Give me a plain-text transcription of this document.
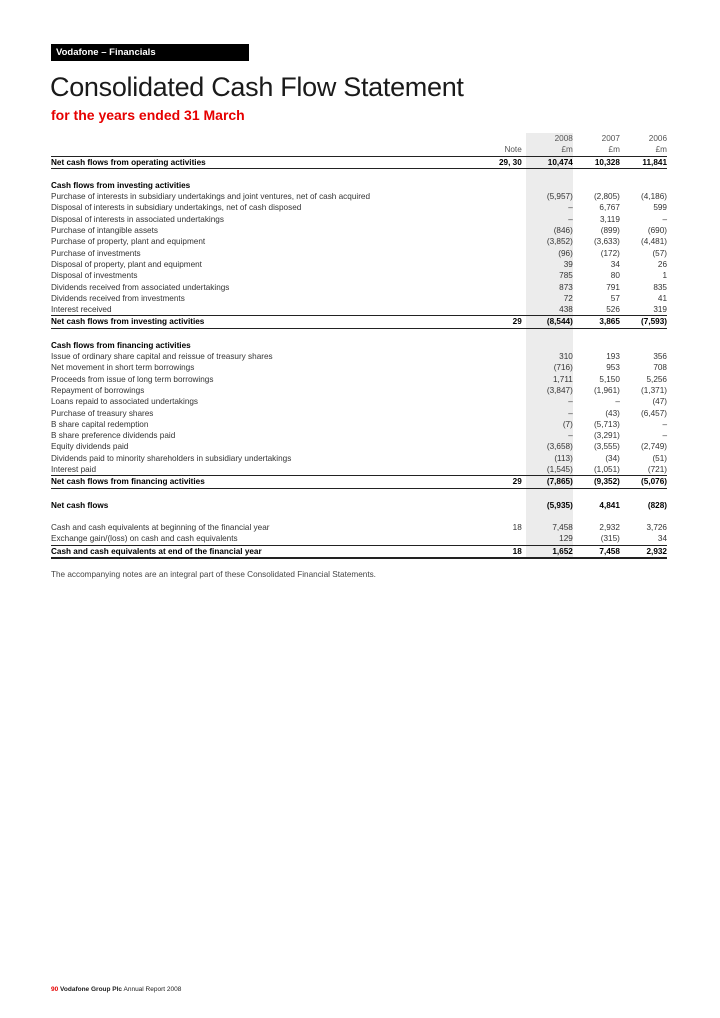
Vodafone – Financials
Consolidated Cash Flow Statement
for the years ended 31 March
		2008	2007	2006
	Note	£m	£m	£m
Net cash flows from operating activities	29, 30	10,474	10,328	11,841

Cash flows from investing activities				
Purchase of interests in subsidiary undertakings and joint ventures, net of cash acquired		(5,957)	(2,805)	(4,186)
Disposal of interests in subsidiary undertakings, net of cash disposed		–	6,767	599
Disposal of interests in associated undertakings		–	3,119	–
Purchase of intangible assets		(846)	(899)	(690)
Purchase of property, plant and equipment		(3,852)	(3,633)	(4,481)
Purchase of investments		(96)	(172)	(57)
Disposal of property, plant and equipment		39	34	26
Disposal of investments		785	80	1
Dividends received from associated undertakings		873	791	835
Dividends received from investments		72	57	41
Interest received		438	526	319
Net cash flows from investing activities	29	(8,544)	3,865	(7,593)

Cash flows from financing activities				
Issue of ordinary share capital and reissue of treasury shares		310	193	356
Net movement in short term borrowings		(716)	953	708
Proceeds from issue of long term borrowings		1,711	5,150	5,256
Repayment of borrowings		(3,847)	(1,961)	(1,371)
Loans repaid to associated undertakings		–	–	(47)
Purchase of treasury shares		–	(43)	(6,457)
B share capital redemption		(7)	(5,713)	–
B share preference dividends paid		–	(3,291)	–
Equity dividends paid		(3,658)	(3,555)	(2,749)
Dividends paid to minority shareholders in subsidiary undertakings		(113)	(34)	(51)
Interest paid		(1,545)	(1,051)	(721)
Net cash flows from financing activities	29	(7,865)	(9,352)	(5,076)

Net cash flows		(5,935)	4,841	(828)

Cash and cash equivalents at beginning of the financial year	18	7,458	2,932	3,726
Exchange gain/(loss) on cash and cash equivalents		129	(315)	34
Cash and cash equivalents at end of the financial year	18	1,652	7,458	2,932

The accompanying notes are an integral part of these Consolidated Financial Statements.

90 Vodafone Group Plc Annual Report 2008
